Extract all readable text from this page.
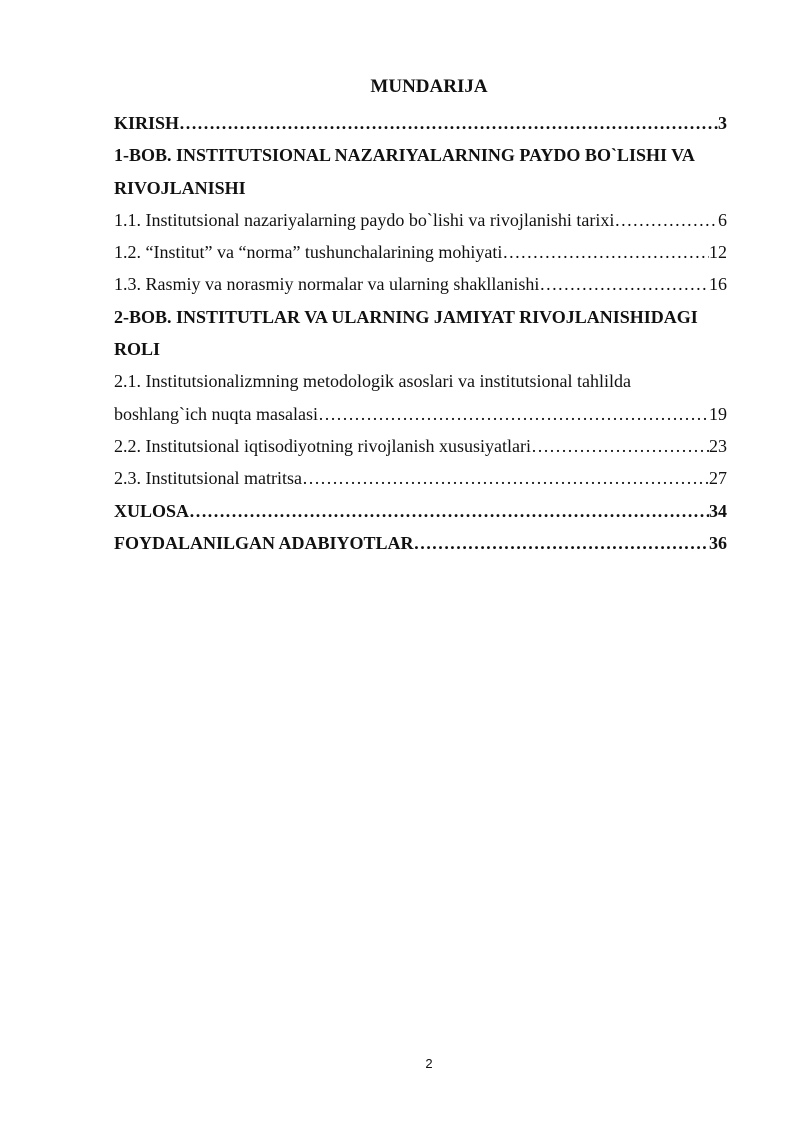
MUNDARIJA
KIRISH ……………………………………………………………………………………………………………………………………………………………………………	3
1-BOB. INSTITUTSIONAL NAZARIYALARNING PAYDO BO`LISHI VA
RIVOJLANISHI
1.1. Institutsional nazariyalarning paydo bo`lishi va rivojlanishi tarixi ……………………………………………………………………………………………………………………………………………………………………………	6
1.2. “Institut” va “norma” tushunchalarining mohiyati ……………………………………………………………………………………………………………………………………………………………………………	12
1.3. Rasmiy va norasmiy normalar va ularning shakllanishi ……………………………………………………………………………………………………………………………………………………………………………	16
2-BOB. INSTITUTLAR VA ULARNING JAMIYAT RIVOJLANISHIDAGI
ROLI
2.1. Institutsionalizmning metodologik asoslari va institutsional tahlilda
boshlang`ich nuqta masalasi ……………………………………………………………………………………………………………………………………………………………………………	19
2.2. Institutsional iqtisodiyotning rivojlanish xususiyatlari ……………………………………………………………………………………………………………………………………………………………………………	23
2.3. Institutsional matritsa ……………………………………………………………………………………………………………………………………………………………………………	27
XULOSA ……………………………………………………………………………………………………………………………………………………………………………	34
FOYDALANILGAN ADABIYOTLAR ……………………………………………………………………………………………………………………………………………………………………………	36
2
